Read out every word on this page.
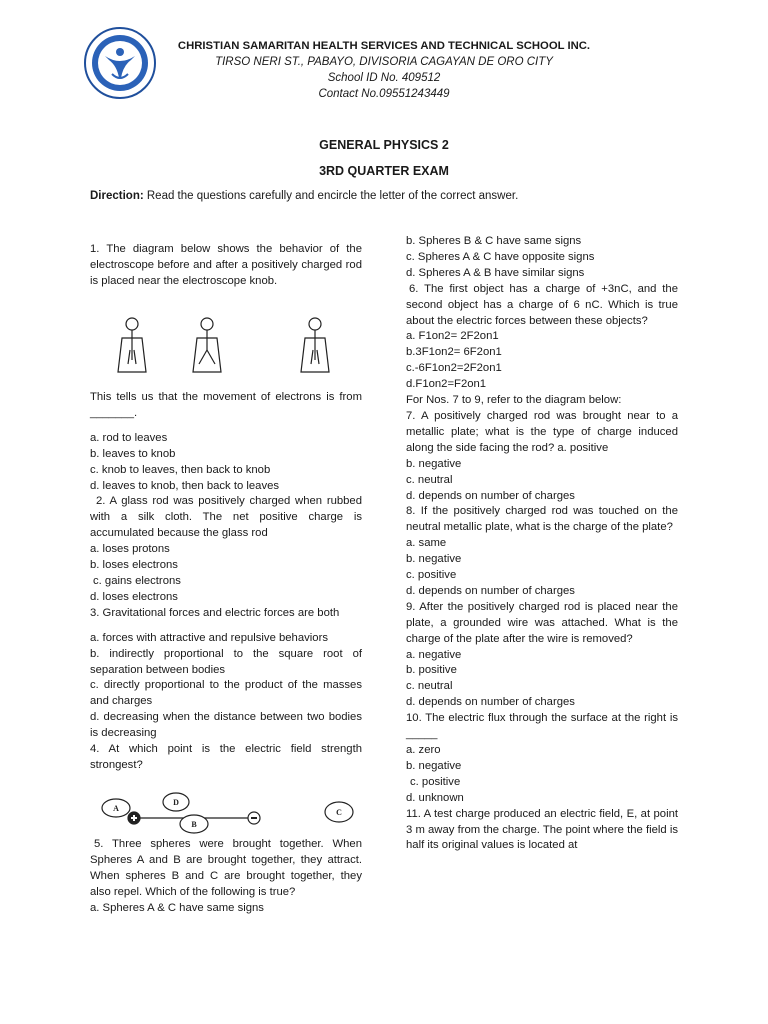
CHRISTIAN SAMARITAN HEALTH SERVICES AND TECHNICAL SCHOOL INC.
TIRSO NERI ST., PABAYO, DIVISORIA CAGAYAN DE ORO CITY
School ID No. 409512
Contact No.09551243449
GENERAL PHYSICS 2
3RD QUARTER EXAM
Direction: Read the questions carefully and encircle the letter of the correct answer.

1. The diagram below shows the behavior of the electroscope before and after a positively charged rod is placed near the electroscope knob.

This tells us that the movement of electrons is from _______.

a. rod to leaves

b. leaves to knob

c. knob to leaves, then back to knob

d. leaves to knob, then back to leaves

2. A glass rod was positively charged when rubbed with a silk cloth. The net positive charge is accumulated because the glass rod

a. loses protons

b. loses electrons

c. gains electrons

d. loses electrons

3. Gravitational forces and electric forces are both

a. forces with attractive and repulsive behaviors

b. indirectly proportional to the square root of separation between bodies

c. directly proportional to the product of the masses and charges

d. decreasing when the distance between two bodies is decreasing

4. At which point is the electric field strength strongest?

A
D
B
C

5. Three spheres were brought together. When Spheres A and B are brought together, they attract. When spheres B and C are brought together, they also repel. Which of the following is true?

a. Spheres A & C have same signs

b. Spheres B & C have same signs

c. Spheres A & C have opposite signs

d. Spheres A & B have similar signs

6. The first object has a charge of +3nC, and the second object has a charge of 6 nC. Which is true about the electric forces between these objects?

a. F1on2= 2F2on1

b.3F1on2= 6F2on1

c.-6F1on2=2F2on1

d.F1on2=F2on1

For Nos. 7 to 9, refer to the diagram below:

7. A positively charged rod was brought near to a metallic plate; what is the type of charge induced along the side facing the rod? a. positive

b. negative

c. neutral

d. depends on number of charges

8. If the positively charged rod was touched on the neutral metallic plate, what is the charge of the plate?

a. same

b. negative

c. positive

d. depends on number of charges

9. After the positively charged rod is placed near the plate, a grounded wire was attached. What is the charge of the plate after the wire is removed?

a. negative

b. positive

c. neutral

d. depends on number of charges

10. The electric flux through the surface at the right is _____

a. zero

b. negative

c. positive

d. unknown

11. A test charge produced an electric field, E, at point 3 m away from the charge. The point where the field is half its original values is located at
